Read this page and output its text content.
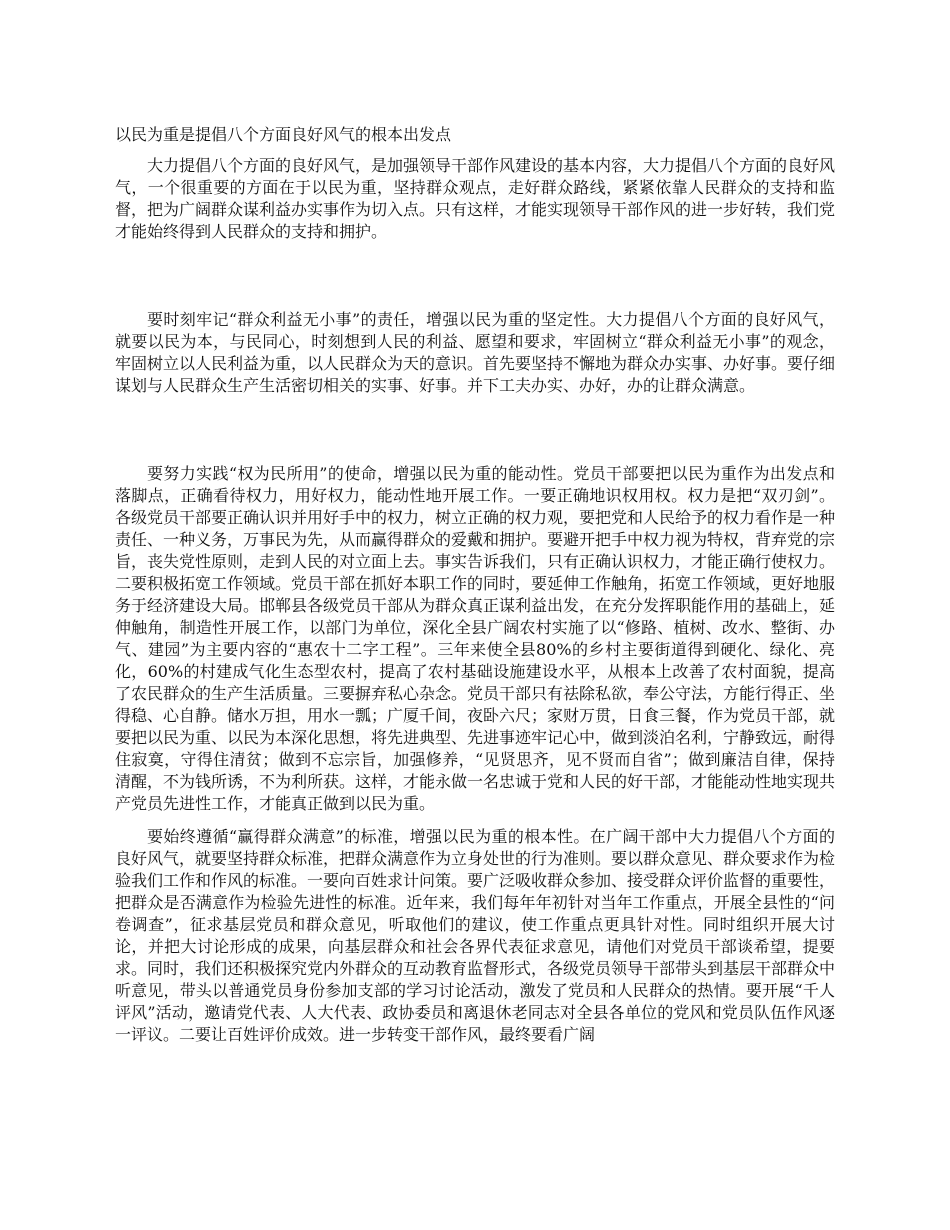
以民为重是提倡八个方面良好风气的根本出发点

大力提倡八个方面的良好风气，是加强领导干部作风建设的基本内容，大力提倡八个方面的良好风气，一个很重要的方面在于以民为重，坚持群众观点，走好群众路线，紧紧依靠人民群众的支持和监督，把为广阔群众谋利益办实事作为切入点。只有这样，才能实现领导干部作风的进一步好转，我们党才能始终得到人民群众的支持和拥护。

要时刻牢记“群众利益无小事”的责任，增强以民为重的坚定性。大力提倡八个方面的良好风气，就要以民为本，与民同心，时刻想到人民的利益、愿望和要求，牢固树立“群众利益无小事”的观念，牢固树立以人民利益为重，以人民群众为天的意识。首先要坚持不懈地为群众办实事、办好事。要仔细谋划与人民群众生产生活密切相关的实事、好事。并下工夫办实、办好，办的让群众满意。

要努力实践“权为民所用”的使命，增强以民为重的能动性。党员干部要把以民为重作为出发点和落脚点，正确看待权力，用好权力，能动性地开展工作。一要正确地识权用权。权力是把“双刃剑”。各级党员干部要正确认识并用好手中的权力，树立正确的权力观，要把党和人民给予的权力看作是一种责任、一种义务，万事民为先，从而赢得群众的爱戴和拥护。要避开把手中权力视为特权，背弃党的宗旨，丧失党性原则，走到人民的对立面上去。事实告诉我们，只有正确认识权力，才能正确行使权力。二要积极拓宽工作领域。党员干部在抓好本职工作的同时，要延伸工作触角，拓宽工作领域，更好地服务于经济建设大局。邯郸县各级党员干部从为群众真正谋利益出发，在充分发挥职能作用的基础上，延伸触角，制造性开展工作，以部门为单位，深化全县广阔农村实施了以“修路、植树、改水、整街、办气、建园”为主要内容的“惠农十二字工程”。三年来使全县80%的乡村主要街道得到硬化、绿化、亮化，60%的村建成气化生态型农村，提高了农村基础设施建设水平，从根本上改善了农村面貌，提高了农民群众的生产生活质量。三要摒弃私心杂念。党员干部只有祛除私欲，奉公守法，方能行得正、坐得稳、心自静。储水万担，用水一瓢；广厦千间，夜卧六尺；家财万贯，日食三餐，作为党员干部，就要把以民为重、以民为本深化思想，将先进典型、先进事迹牢记心中，做到淡泊名利，宁静致远，耐得住寂寞，守得住清贫；做到不忘宗旨，加强修养，“见贤思齐，见不贤而自省”；做到廉洁自律，保持清醒，不为钱所诱，不为利所获。这样，才能永做一名忠诚于党和人民的好干部，才能能动性地实现共产党员先进性工作，才能真正做到以民为重。

要始终遵循“赢得群众满意”的标准，增强以民为重的根本性。在广阔干部中大力提倡八个方面的良好风气，就要坚持群众标准，把群众满意作为立身处世的行为准则。要以群众意见、群众要求作为检验我们工作和作风的标准。一要向百姓求计问策。要广泛吸收群众参加、接受群众评价监督的重要性，把群众是否满意作为检验先进性的标准。近年来，我们每年年初针对当年工作重点，开展全县性的“问卷调查”，征求基层党员和群众意见，听取他们的建议，使工作重点更具针对性。同时组织开展大讨论，并把大讨论形成的成果，向基层群众和社会各界代表征求意见，请他们对党员干部谈希望，提要求。同时，我们还积极探究党内外群众的互动教育监督形式，各级党员领导干部带头到基层干部群众中听意见，带头以普通党员身份参加支部的学习讨论活动，激发了党员和人民群众的热情。要开展“千人评风”活动，邀请党代表、人大代表、政协委员和离退休老同志对全县各单位的党风和党员队伍作风逐一评议。二要让百姓评价成效。进一步转变干部作风，最终要看广阔
